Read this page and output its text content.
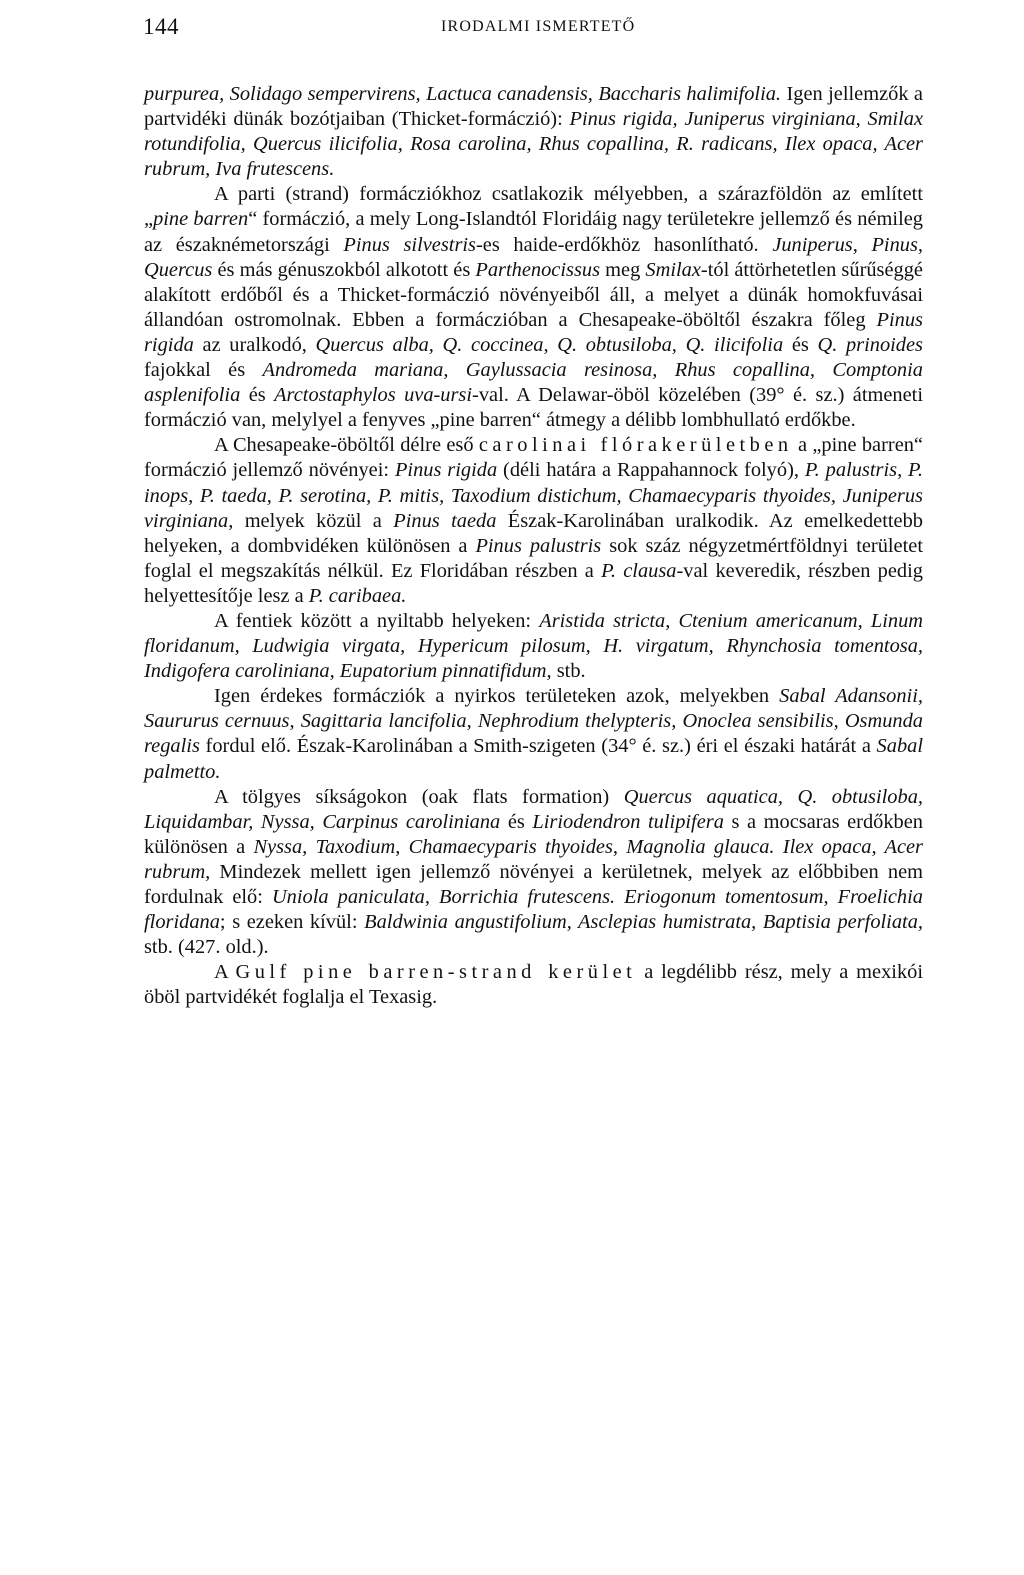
144	IRODALMI ISMERTETŐ

purpurea, Solidago sempervirens, Lactuca canadensis, Baccharis halimifolia. Igen jellemzők a partvidéki dünák bozótjaiban (Thicket-formáczió): Pinus rigida, Juniperus virginiana, Smilax rotundifolia, Quercus ilicifolia, Rosa carolina, Rhus copallina, R. radicans, Ilex opaca, Acer rubrum, Iva frutescens.

A parti (strand) formácziókhoz csatlakozik mélyebben, a szárazföldön az említett „pine barren“ formáczió, a mely Long-Islandtól Floridáig nagy területekre jellemző és némileg az északnémetországi Pinus silvestris-es haide-erdőkhöz hasonlítható. Juniperus, Pinus, Quercus és más génuszokból alkotott és Parthenocissus meg Smilax-tól áttörhetetlen sűrűséggé alakított erdőből és a Thicket-formáczió növényeiből áll, a melyet a dünák homokfuvásai állandóan ostromolnak. Ebben a formáczióban a Chesapeake-öböltől északra főleg Pinus rigida az uralkodó, Quercus alba, Q. coccinea, Q. obtusiloba, Q. ilicifolia és Q. prinoides fajokkal és Andromeda mariana, Gaylussacia resinosa, Rhus copallina, Comptonia asplenifolia és Arctostaphylos uva-ursi-val. A Delawar-öböl közelében (39° é. sz.) átmeneti formáczió van, melylyel a fenyves „pine barren“ átmegy a délibb lombhullató erdőkbe.

A Chesapeake-öböltől délre eső carolinai flórakerületben a „pine barren“ formáczió jellemző növényei: Pinus rigida (déli határa a Rappahannock folyó), P. palustris, P. inops, P. taeda, P. serotina, P. mitis, Taxodium distichum, Chamaecyparis thyoides, Juniperus virginiana, melyek közül a Pinus taeda Észak-Karolinában uralkodik. Az emelkedettebb helyeken, a dombvidéken különösen a Pinus palustris sok száz négyzetmértföldnyi területet foglal el megszakítás nélkül. Ez Floridában részben a P. clausa-val keveredik, részben pedig helyettesítője lesz a P. caribaea.

A fentiek között a nyiltabb helyeken: Aristida stricta, Ctenium americanum, Linum floridanum, Ludwigia virgata, Hypericum pilosum, H. virgatum, Rhynchosia tomentosa, Indigofera caroliniana, Eupatorium pinnatifidum, stb.

Igen érdekes formácziók a nyirkos területeken azok, melyekben Sabal Adansonii, Saururus cernuus, Sagittaria lancifolia, Nephrodium thelypteris, Onoclea sensibilis, Osmunda regalis fordul elő. Észak-Karolinában a Smith-szigeten (34° é. sz.) éri el északi határát a Sabal palmetto.

A tölgyes síkságokon (oak flats formation) Quercus aquatica, Q. obtusiloba, Liquidambar, Nyssa, Carpinus caroliniana és Liriodendron tulipifera s a mocsaras erdőkben különösen a Nyssa, Taxodium, Chamaecyparis thyoides, Magnolia glauca. Ilex opaca, Acer rubrum, Mindezek mellett igen jellemző növényei a kerületnek, melyek az előbbiben nem fordulnak elő: Uniola paniculata, Borrichia frutescens. Eriogonum tomentosum, Froelichia floridana; s ezeken kívül: Baldwinia angustifolium, Asclepias humistrata, Baptisia perfoliata, stb. (427. old.).

A Gulf pine barren-strand kerület a legdélibb rész, mely a mexikói öböl partvidékét foglalja el Texasig.
